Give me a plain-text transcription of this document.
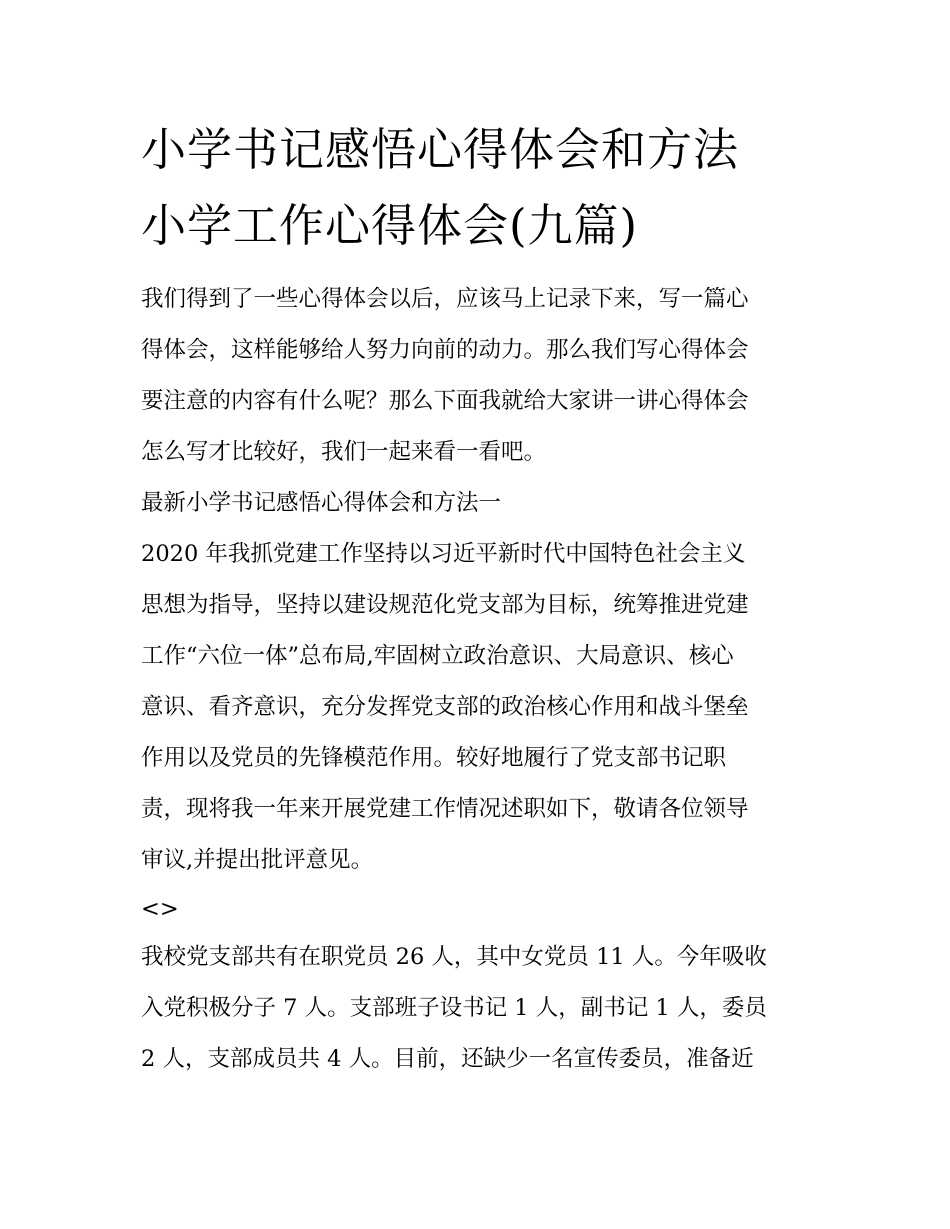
小学书记感悟心得体会和方法
小学工作心得体会(九篇)

我们得到了一些心得体会以后，应该马上记录下来，写一篇心
得体会，这样能够给人努力向前的动力。那么我们写心得体会
要注意的内容有什么呢？那么下面我就给大家讲一讲心得体会
怎么写才比较好，我们一起来看一看吧。

最新小学书记感悟心得体会和方法一

2020 年我抓党建工作坚持以习近平新时代中国特色社会主义
思想为指导，坚持以建设规范化党支部为目标，统筹推进党建
工作“六位一体”总布局,牢固树立政治意识、大局意识、核心
意识、看齐意识，充分发挥党支部的政治核心作用和战斗堡垒
作用以及党员的先锋模范作用。较好地履行了党支部书记职
责，现将我一年来开展党建工作情况述职如下，敬请各位领导
审议,并提出批评意见。

<>

我校党支部共有在职党员 26 人，其中女党员 11 人。今年吸收
入党积极分子 7 人。支部班子设书记 1 人，副书记 1 人，委员
2 人，支部成员共 4 人。目前，还缺少一名宣传委员，准备近
